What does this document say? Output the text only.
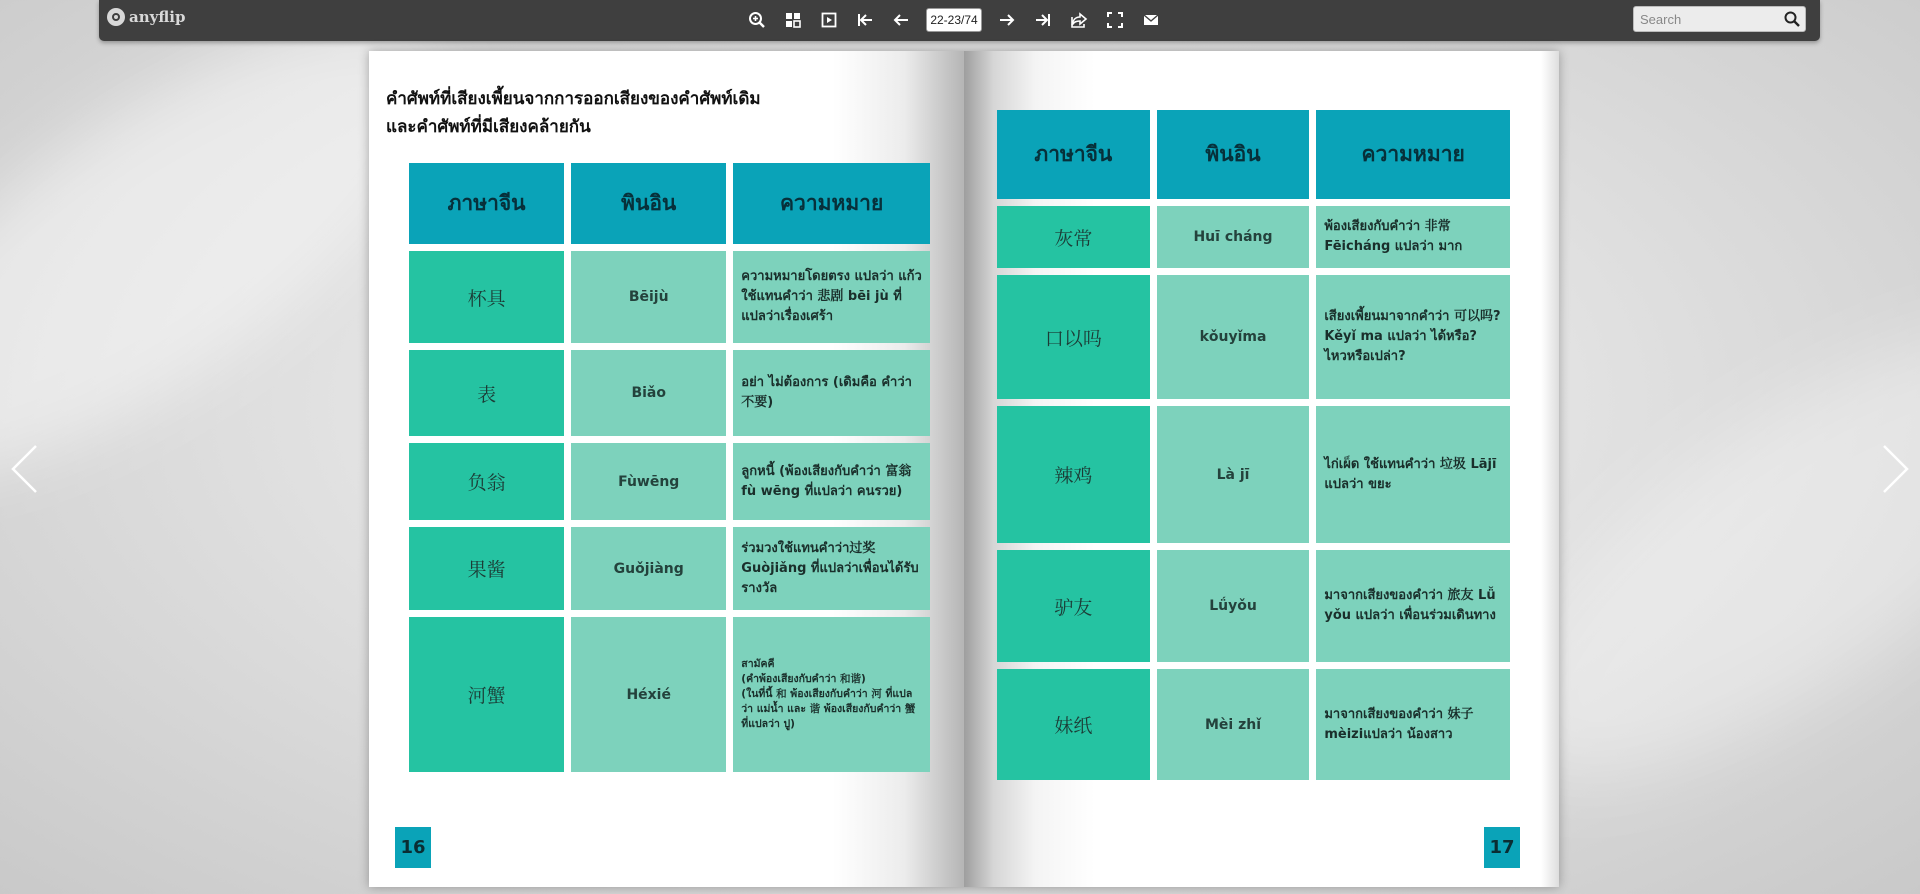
anyflip	22-23/74
Search
คำศัพท์ที่เสียงเพี้ยนจากการออกเสียงของคำศัพท์เดิม
และคำศัพท์ที่มีเสียงคล้ายกัน
ภาษาจีน	พินอิน	ความหมาย
杯具	Bēijù	ความหมายโดยตรง แปลว่า แก้ว ใช้แทนคำว่า 悲剧 bēi jù ที่แปลว่าเรื่องเศร้า
表	Biǎo	อย่า ไม่ต้องการ (เดิมคือ คำว่า 不要)
负翁	Fùwēng	ลูกหนี้ (พ้องเสียงกับคำว่า 富翁 fù wēng ที่แปลว่า คนรวย)
果酱	Guǒjiàng	ร่วมวงใช้แทนคำว่า过奖 Guòjiǎng ที่แปลว่าเพื่อนได้รับรางวัล
河蟹	Héxié	สามัคคี
(คำพ้องเสียงกับคำว่า 和谐)
(ในที่นี้ 和 พ้องเสียงกับคำว่า 河 ที่แปลว่า แม่น้ำ และ 谐 พ้องเสียงกับคำว่า 蟹 ที่แปลว่า ปู)
16
ภาษาจีน	พินอิน	ความหมาย
灰常	Huī cháng	พ้องเสียงกับคำว่า 非常 Fēicháng แปลว่า มาก
口以吗	kǒuyǐma	เสียงเพี้ยนมาจากคำว่า 可以吗? Kěyǐ ma แปลว่า ได้หรือ? ไหวหรือเปล่า?
辣鸡	Là jī	ไก่เผ็ด ใช้แทนคำว่า 垃圾 Lājī แปลว่า ขยะ
驴友	Lǘyǒu	มาจากเสียงของคำว่า 旅友 Lǚ yǒu แปลว่า เพื่อนร่วมเดินทาง
妹纸	Mèi zhǐ	มาจากเสียงของคำว่า 妹子 mèiziแปลว่า น้องสาว
17
